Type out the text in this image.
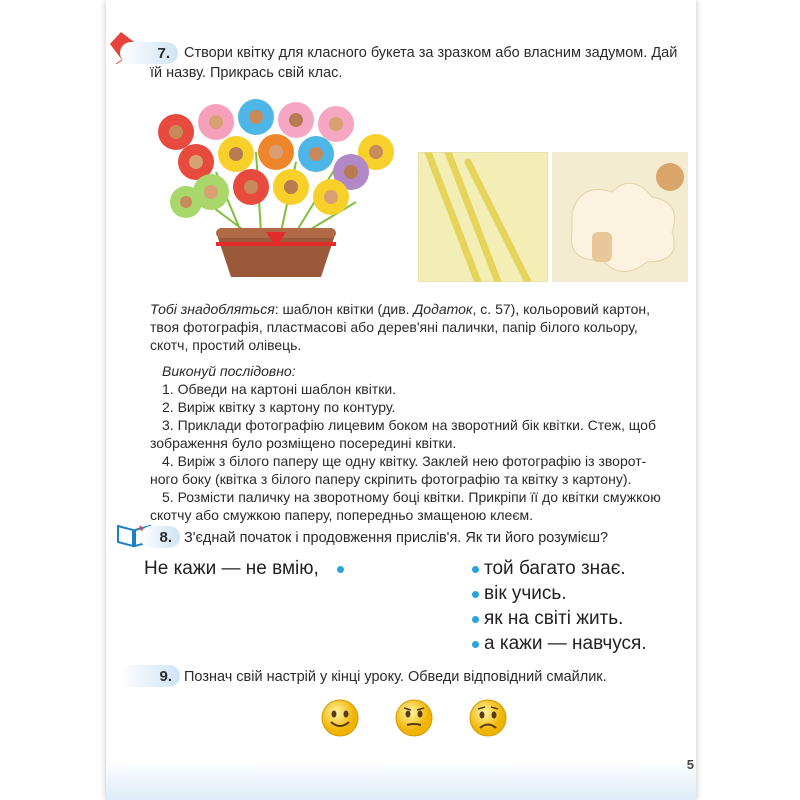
7. Створи квітку для класного букета за зразком або власним задумом. Дай
їй назву. Прикрась свій клас.
Тобі знадобляться: шаблон квітки (див. Додаток, с. 57), кольоровий картон,
твоя фотографія, пластмасові або дерев'яні палички, папір білого кольору,
скотч, простий олівець.
Виконуй послідовно:
1. Обведи на картоні шаблон квітки.
2. Виріж квітку з картону по контуру.
3. Приклади фотографію лицевим боком на зворотний бік квітки. Стеж, щоб
зображення було розміщено посередині квітки.
4. Виріж з білого паперу ще одну квітку. Заклей нею фотографію із зворот-
ного боку (квітка з білого паперу скріпить фотографію та квітку з картону).
5. Розмісти паличку на зворотному боці квітки. Прикріпи її до квітки смужкою
скотчу або смужкою паперу, попередньо змащеною клеєм.
8. З'єднай початок і продовження прислів'я. Як ти його розумієш?
Не кажи — не вмію,	той багато знає.
вік учись.
як на світі жить.
а кажи — навчуся.
9. Познач свій настрій у кінці уроку. Обведи відповідний смайлик.
5
